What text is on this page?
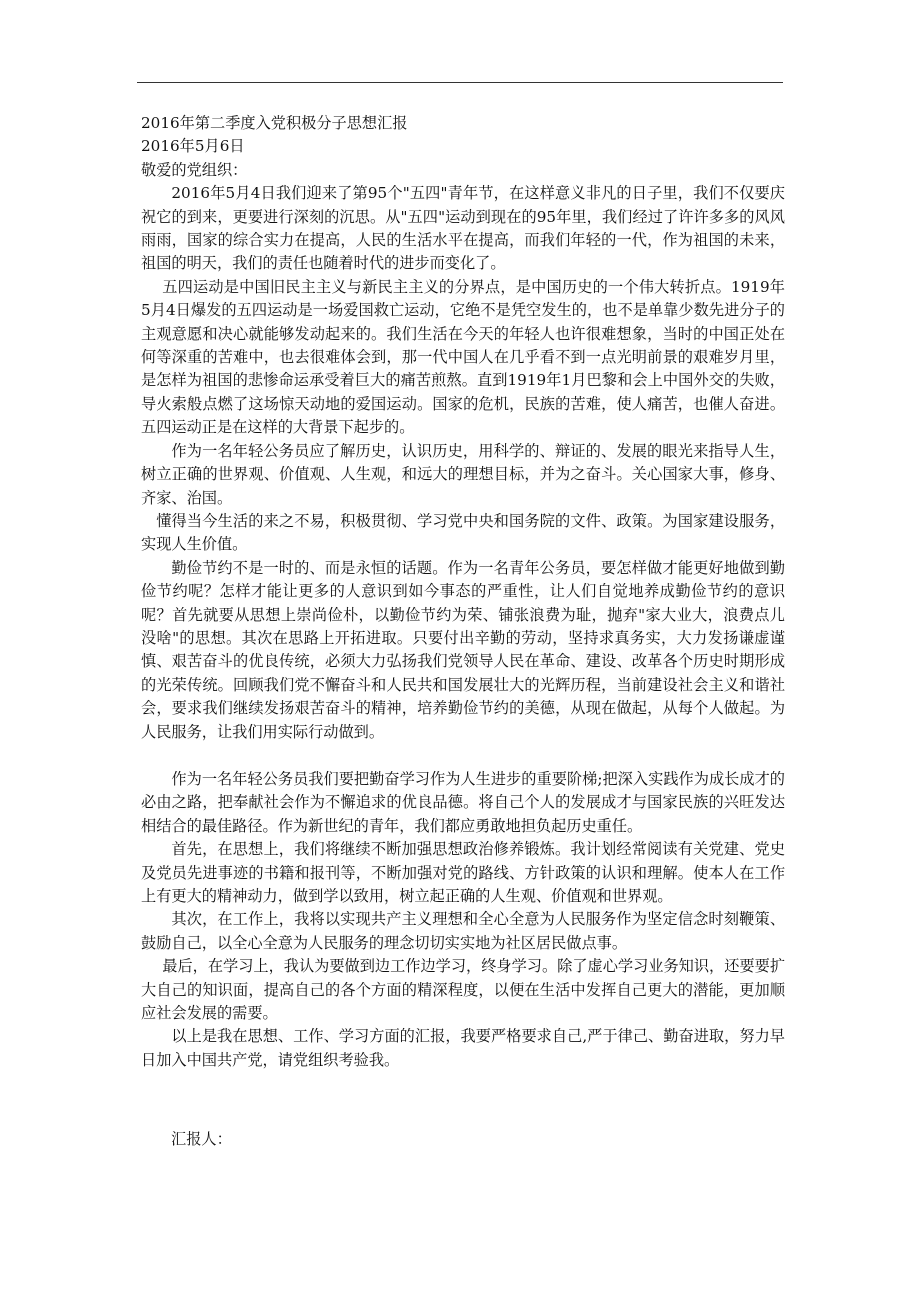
2016年第二季度入党积极分子思想汇报

2016年5月6日

敬爱的党组织：

2016年5月4日我们迎来了第95个"五四"青年节，在这样意义非凡的日子里，我们不仅要庆祝它的到来，更要进行深刻的沉思。从"五四"运动到现在的95年里，我们经过了许许多多的风风雨雨，国家的综合实力在提高，人民的生活水平在提高，而我们年轻的一代，作为祖国的未来，祖国的明天，我们的责任也随着时代的进步而变化了。

五四运动是中国旧民主主义与新民主主义的分界点，是中国历史的一个伟大转折点。1919年5月4日爆发的五四运动是一场爱国救亡运动，它绝不是凭空发生的，也不是单靠少数先进分子的主观意愿和决心就能够发动起来的。我们生活在今天的年轻人也许很难想象，当时的中国正处在何等深重的苦难中，也去很难体会到，那一代中国人在几乎看不到一点光明前景的艰难岁月里，是怎样为祖国的悲惨命运承受着巨大的痛苦煎熬。直到1919年1月巴黎和会上中国外交的失败，导火索般点燃了这场惊天动地的爱国运动。国家的危机，民族的苦难，使人痛苦，也催人奋进。五四运动正是在这样的大背景下起步的。

作为一名年轻公务员应了解历史，认识历史，用科学的、辩证的、发展的眼光来指导人生，树立正确的世界观、价值观、人生观，和远大的理想目标，并为之奋斗。关心国家大事，修身、齐家、治国。

懂得当今生活的来之不易，积极贯彻、学习党中央和国务院的文件、政策。为国家建设服务，实现人生价值。

勤俭节约不是一时的、而是永恒的话题。作为一名青年公务员，要怎样做才能更好地做到勤俭节约呢？怎样才能让更多的人意识到如今事态的严重性，让人们自觉地养成勤俭节约的意识呢？首先就要从思想上崇尚俭朴，以勤俭节约为荣、铺张浪费为耻，抛弃"家大业大，浪费点儿没啥"的思想。其次在思路上开拓进取。只要付出辛勤的劳动，坚持求真务实，大力发扬谦虚谨慎、艰苦奋斗的优良传统，必须大力弘扬我们党领导人民在革命、建设、改革各个历史时期形成的光荣传统。回顾我们党不懈奋斗和人民共和国发展壮大的光辉历程，当前建设社会主义和谐社会，要求我们继续发扬艰苦奋斗的精神，培养勤俭节约的美德，从现在做起，从每个人做起。为人民服务，让我们用实际行动做到。

作为一名年轻公务员我们要把勤奋学习作为人生进步的重要阶梯;把深入实践作为成长成才的必由之路，把奉献社会作为不懈追求的优良品德。将自己个人的发展成才与国家民族的兴旺发达相结合的最佳路径。作为新世纪的青年，我们都应勇敢地担负起历史重任。

首先，在思想上，我们将继续不断加强思想政治修养锻炼。我计划经常阅读有关党建、党史及党员先进事迹的书籍和报刊等，不断加强对党的路线、方针政策的认识和理解。使本人在工作上有更大的精神动力，做到学以致用，树立起正确的人生观、价值观和世界观。

其次，在工作上，我将以实现共产主义理想和全心全意为人民服务作为坚定信念时刻鞭策、鼓励自己，以全心全意为人民服务的理念切切实实地为社区居民做点事。

最后，在学习上，我认为要做到边工作边学习，终身学习。除了虚心学习业务知识，还要要扩大自己的知识面，提高自己的各个方面的精深程度，以便在生活中发挥自己更大的潜能，更加顺应社会发展的需要。

以上是我在思想、工作、学习方面的汇报，我要严格要求自己,严于律己、勤奋进取，努力早日加入中国共产党，请党组织考验我。

汇报人：
